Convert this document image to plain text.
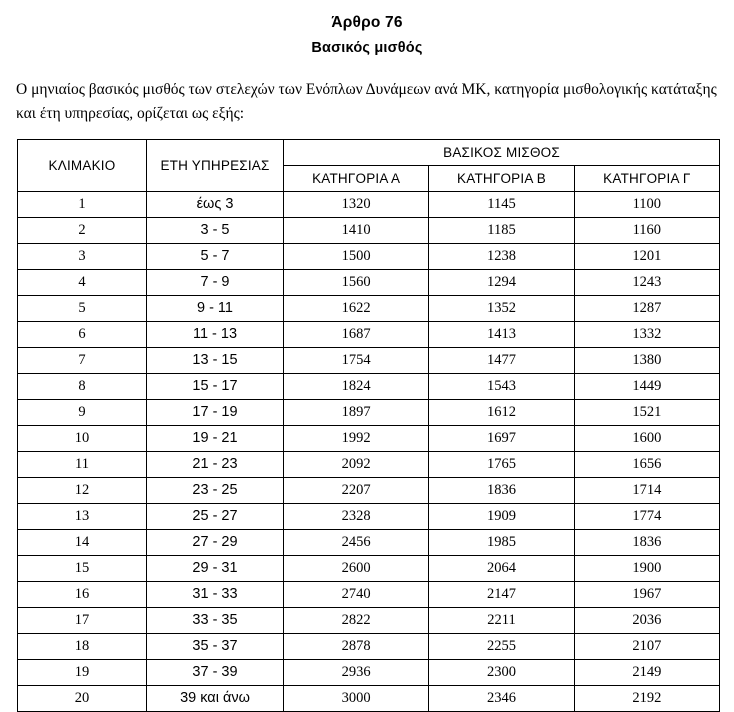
Άρθρο 76
Βασικός μισθός

Ο μηνιαίος βασικός μισθός των στελεχών των Ενόπλων Δυνάμεων ανά ΜΚ, κατηγορία μισθολογικής κατάταξης και έτη υπηρεσίας, ορίζεται ως εξής:

ΚΛΙΜΑΚΙΟ	ΕΤΗ ΥΠΗΡΕΣΙΑΣ	ΒΑΣΙΚΟΣ ΜΙΣΘΟΣ		
		ΚΑΤΗΓΟΡΙΑ Α	ΚΑΤΗΓΟΡΙΑ Β	ΚΑΤΗΓΟΡΙΑ Γ
1	έως 3	1320	1145	1100
2	3 - 5	1410	1185	1160
3	5 - 7	1500	1238	1201
4	7 - 9	1560	1294	1243
5	9 - 11	1622	1352	1287
6	11 - 13	1687	1413	1332
7	13 - 15	1754	1477	1380
8	15 - 17	1824	1543	1449
9	17 - 19	1897	1612	1521
10	19 - 21	1992	1697	1600
11	21 - 23	2092	1765	1656
12	23 - 25	2207	1836	1714
13	25 - 27	2328	1909	1774
14	27 - 29	2456	1985	1836
15	29 - 31	2600	2064	1900
16	31 - 33	2740	2147	1967
17	33 - 35	2822	2211	2036
18	35 - 37	2878	2255	2107
19	37 - 39	2936	2300	2149
20	39 και άνω	3000	2346	2192
